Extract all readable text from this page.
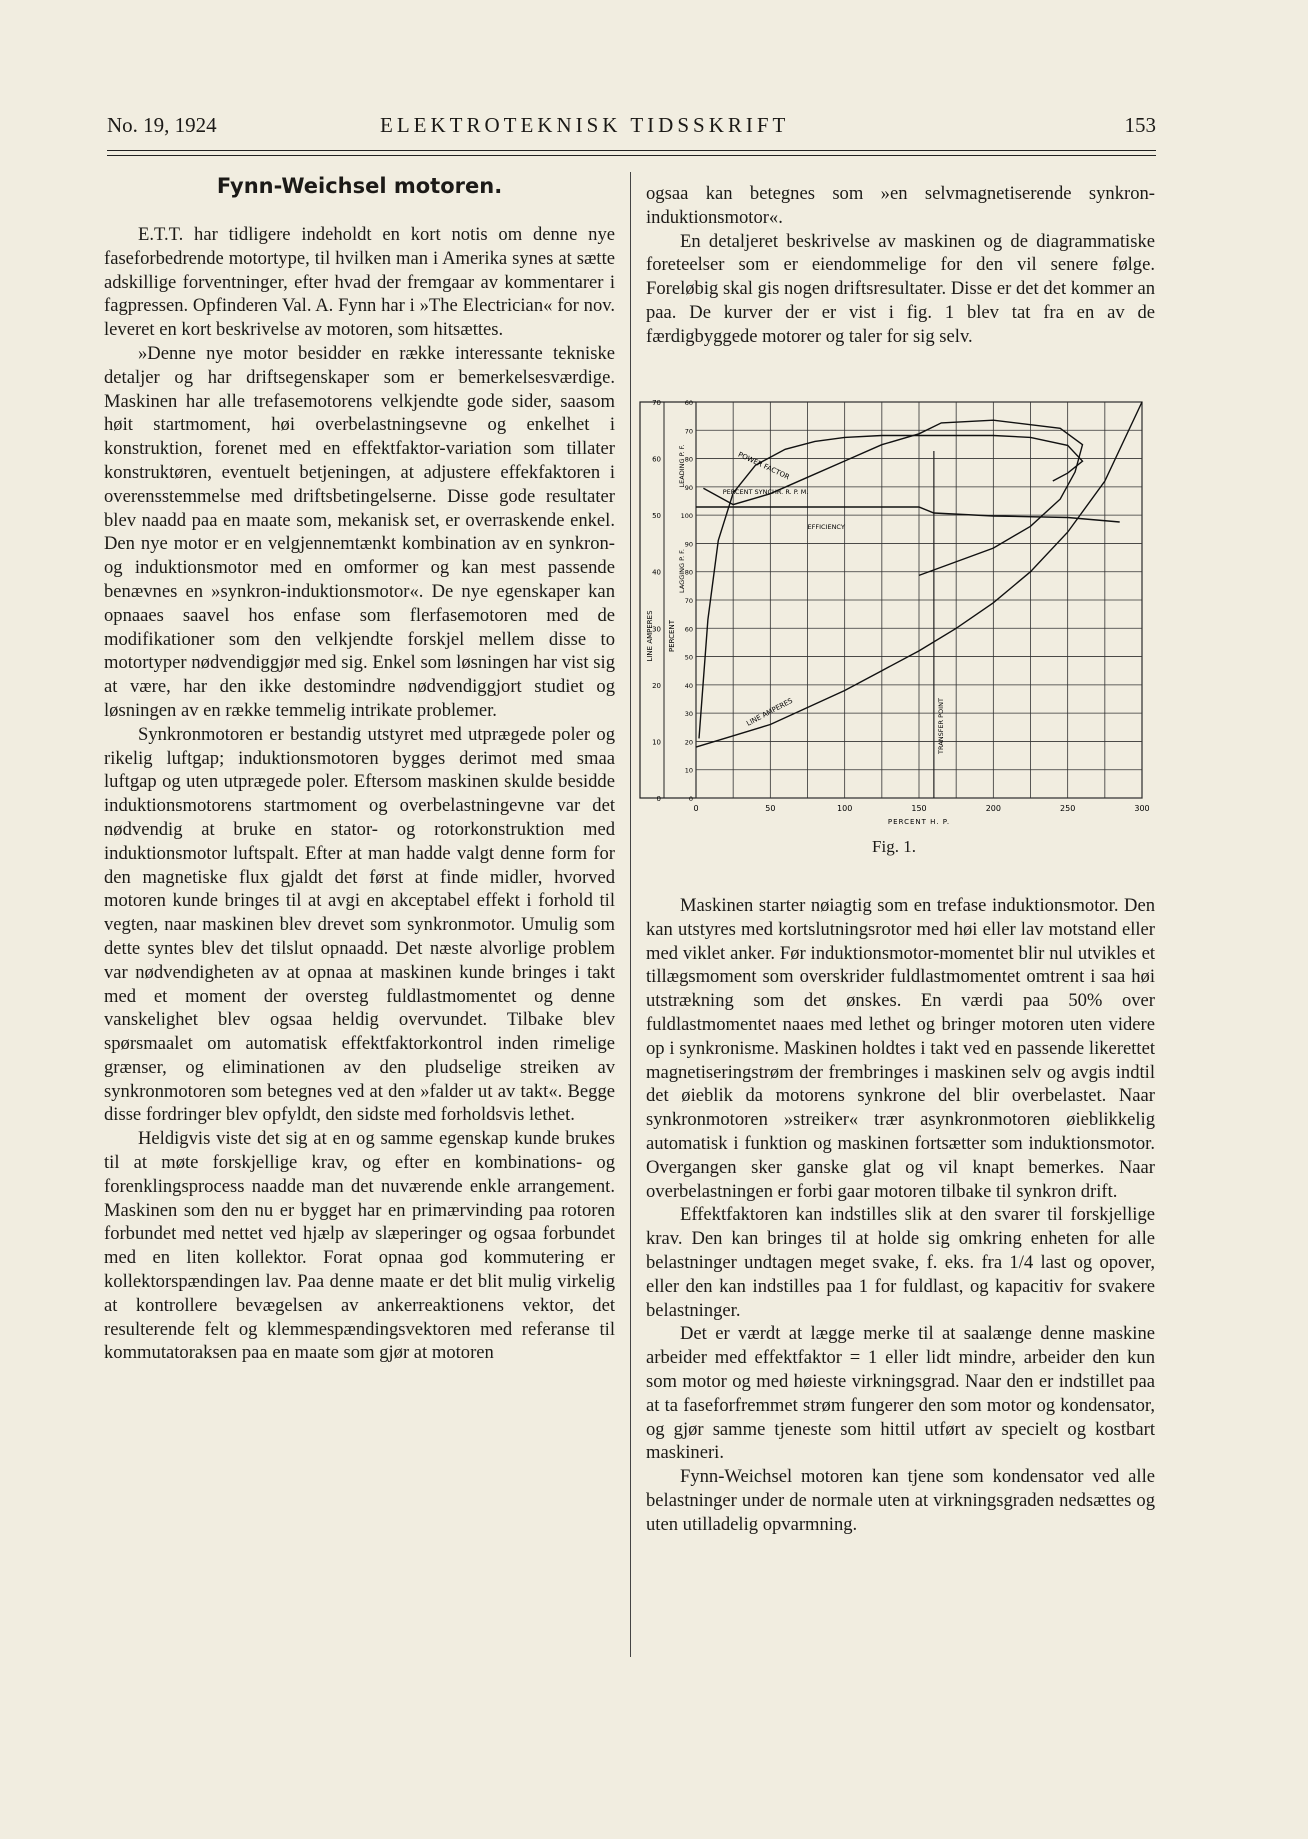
No. 19, 1924	ELEKTROTEKNISK TIDSSKRIFT	153
Fynn-Weichsel motoren.

E.T.T. har tidligere indeholdt en kort notis om denne nye faseforbedrende motortype, til hvilken man i Amerika synes at sætte adskillige forventninger, efter hvad der fremgaar av kommentarer i fagpressen. Opfinderen Val. A. Fynn har i »The Electrician« for nov. leveret en kort beskrivelse av motoren, som hitsættes.

»Denne nye motor besidder en række interessante tekniske detaljer og har driftsegenskaper som er bemerkelsesværdige. Maskinen har alle trefasemotorens velkjendte gode sider, saasom høit startmoment, høi overbelastningsevne og enkelhet i konstruktion, forenet med en effektfaktor-variation som tillater konstruktøren, eventuelt betjeningen, at adjustere effekfaktoren i overensstemmelse med driftsbetingelserne. Disse gode resultater blev naadd paa en maate som, mekanisk set, er overraskende enkel. Den nye motor er en velgjennemtænkt kombination av en synkron- og induktionsmotor med en omformer og kan mest passende benævnes en »synkron-induktionsmotor«. De nye egenskaper kan opnaaes saavel hos enfase som flerfasemotoren med de modifikationer som den velkjendte forskjel mellem disse to motortyper nødvendiggjør med sig. Enkel som løsningen har vist sig at være, har den ikke destomindre nødvendiggjort studiet og løsningen av en række temmelig intrikate problemer.

Synkronmotoren er bestandig utstyret med utprægede poler og rikelig luftgap; induktionsmotoren bygges derimot med smaa luftgap og uten utprægede poler. Eftersom maskinen skulde besidde induktionsmotorens startmoment og overbelastningevne var det nødvendig at bruke en stator- og rotorkonstruktion med induktionsmotor luftspalt. Efter at man hadde valgt denne form for den magnetiske flux gjaldt det først at finde midler, hvorved motoren kunde bringes til at avgi en akceptabel effekt i forhold til vegten, naar maskinen blev drevet som synkronmotor. Umulig som dette syntes blev det tilslut opnaadd. Det næste alvorlige problem var nødvendigheten av at opnaa at maskinen kunde bringes i takt med et moment der oversteg fuldlastmomentet og denne vanskelighet blev ogsaa heldig overvundet. Tilbake blev spørsmaalet om automatisk effektfaktorkontrol inden rimelige grænser, og eliminationen av den pludselige streiken av synkronmotoren som betegnes ved at den »falder ut av takt«. Begge disse fordringer blev opfyldt, den sidste med forholdsvis lethet.

Heldigvis viste det sig at en og samme egenskap kunde brukes til at møte forskjellige krav, og efter en kombinations- og forenklingsprocess naadde man det nuværende enkle arrangement. Maskinen som den nu er bygget har en primærvinding paa rotoren forbundet med nettet ved hjælp av slæperinger og ogsaa forbundet med en liten kollektor. Forat opnaa god kommutering er kollektorspændingen lav. Paa denne maate er det blit mulig virkelig at kontrollere bevægelsen av ankerreaktionens vektor, det resulterende felt og klemmespændingsvektoren med referanse til kommutatoraksen paa en maate som gjør at motoren

ogsaa kan betegnes som »en selvmagnetiserende synkron-induktionsmotor«.

En detaljeret beskrivelse av maskinen og de diagrammatiske foreteelser som er eiendommelige for den vil senere følge. Foreløbig skal gis nogen driftsresultater. Disse er det det kommer an paa. De kurver der er vist i fig. 1 blev tat fra en av de færdigbyggede motorer og taler for sig selv.

0	50	100	150	200	250	300
PERCENT H. P.
0
10
20
30
40
50
60
70	60
70
80
90
100
90
80
70
60
50
40
30
20
10
0
LINE AMPERES PERCENT
LEADING P. F.
LAGGING P. F.
TRANSFER POINT
POWER FACTOR
PERCENT SYNCHR. R. P. M.
EFFICIENCY
LINE AMPERES
Fig. 1.

Maskinen starter nøiagtig som en trefase induktionsmotor. Den kan utstyres med kortslutningsrotor med høi eller lav motstand eller med viklet anker. Før induktionsmotor-momentet blir nul utvikles et tillægsmoment som overskrider fuldlastmomentet omtrent i saa høi utstrækning som det ønskes. En værdi paa 50% over fuldlastmomentet naaes med lethet og bringer motoren uten videre op i synkronisme. Maskinen holdtes i takt ved en passende likerettet magnetiseringstrøm der frembringes i maskinen selv og avgis indtil det øieblik da motorens synkrone del blir overbelastet. Naar synkronmotoren »streiker« trær asynkronmotoren øieblikkelig automatisk i funktion og maskinen fortsætter som induktionsmotor. Overgangen sker ganske glat og vil knapt bemerkes. Naar overbelastningen er forbi gaar motoren tilbake til synkron drift.

Effektfaktoren kan indstilles slik at den svarer til forskjellige krav. Den kan bringes til at holde sig omkring enheten for alle belastninger undtagen meget svake, f. eks. fra 1/4 last og opover, eller den kan indstilles paa 1 for fuldlast, og kapacitiv for svakere belastninger.

Det er værdt at lægge merke til at saalænge denne maskine arbeider med effektfaktor = 1 eller lidt mindre, arbeider den kun som motor og med høieste virkningsgrad. Naar den er indstillet paa at ta faseforfremmet strøm fungerer den som motor og kondensator, og gjør samme tjeneste som hittil utført av specielt og kostbart maskineri.

Fynn-Weichsel motoren kan tjene som kondensator ved alle belastninger under de normale uten at virkningsgraden nedsættes og uten utilladelig opvarmning.
